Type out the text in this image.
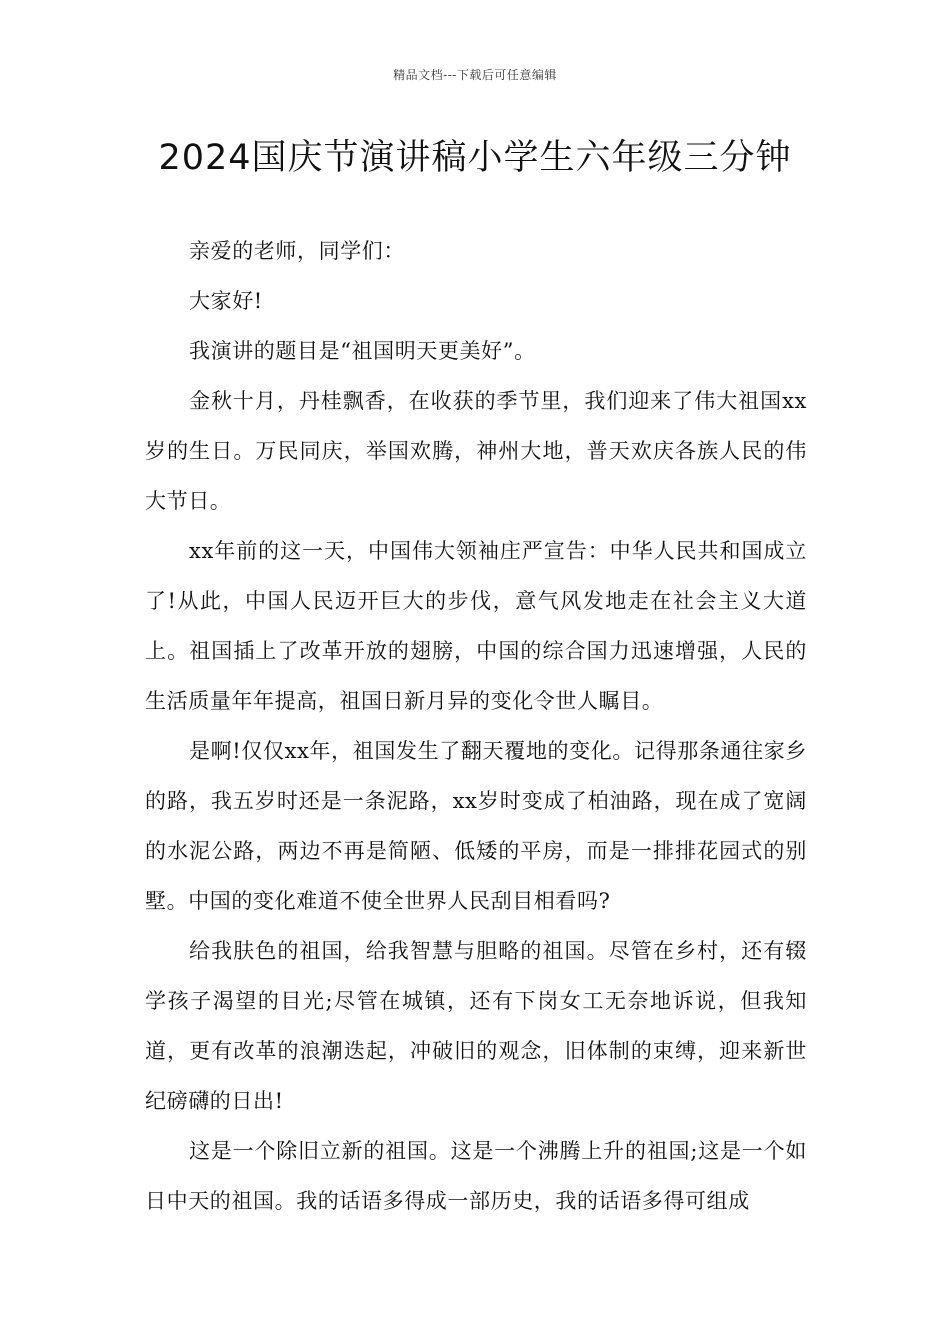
精品文档---下载后可任意编辑
2024国庆节演讲稿小学生六年级三分钟

亲爱的老师，同学们：

大家好!

我演讲的题目是“祖国明天更美好”。

金秋十月，丹桂飘香，在收获的季节里，我们迎来了伟大祖国xx岁的生日。万民同庆，举国欢腾，神州大地，普天欢庆各族人民的伟大节日。

xx年前的这一天，中国伟大领袖庄严宣告：中华人民共和国成立了!从此，中国人民迈开巨大的步伐，意气风发地走在社会主义大道上。祖国插上了改革开放的翅膀，中国的综合国力迅速增强，人民的生活质量年年提高，祖国日新月异的变化令世人瞩目。

是啊!仅仅xx年，祖国发生了翻天覆地的变化。记得那条通往家乡的路，我五岁时还是一条泥路，xx岁时变成了柏油路，现在成了宽阔的水泥公路，两边不再是简陋、低矮的平房，而是一排排花园式的别墅。中国的变化难道不使全世界人民刮目相看吗?

给我肤色的祖国，给我智慧与胆略的祖国。尽管在乡村，还有辍学孩子渴望的目光;尽管在城镇，还有下岗女工无奈地诉说，但我知道，更有改革的浪潮迭起，冲破旧的观念，旧体制的束缚，迎来新世纪磅礴的日出!

这是一个除旧立新的祖国。这是一个沸腾上升的祖国;这是一个如日中天的祖国。我的话语多得成一部历史，我的话语多得可组成
